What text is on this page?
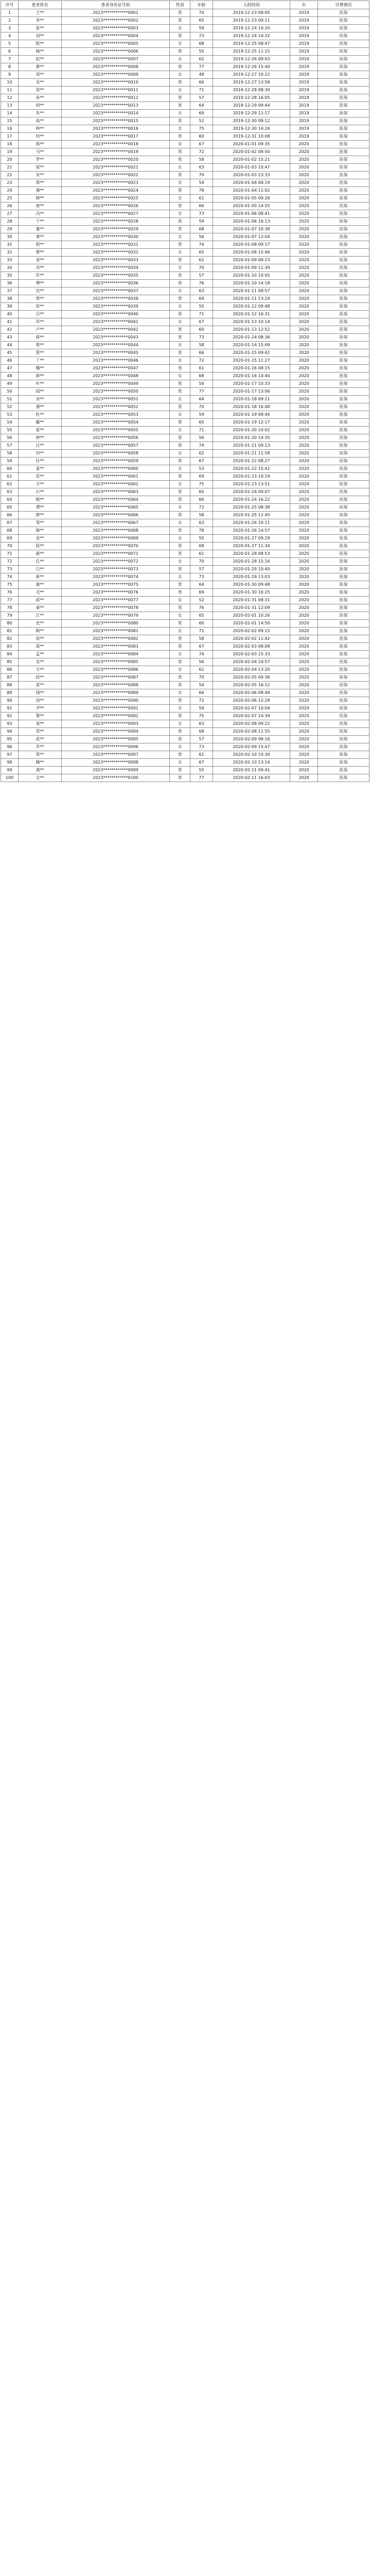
序号	患者姓名	患者身份证号码	性别	年龄	入院时间	年	付费情况
1	王**	2023************0001	男	70	2019-12-23 08:05	2019	医保
2	李**	2023************0002	男	65	2019-12-23 09:11	2019	医保
3	张**	2023************0003	女	59	2019-12-24 10:20	2019	医保
4	刘**	2023************0004	男	73	2019-12-24 14:32	2019	医保
5	陈**	2023************0005	女	68	2019-12-25 08:47	2019	医保
6	杨**	2023************0006	男	55	2019-12-25 11:15	2019	医保
7	赵**	2023************0007	女	62	2019-12-26 09:03	2019	医保
8	黄**	2023************0008	男	77	2019-12-26 15:40	2019	医保
9	周**	2023************0009	女	48	2019-12-27 10:22	2019	医保
10	吴**	2023************0010	男	66	2019-12-27 13:58	2019	医保
11	徐**	2023************0011	女	71	2019-12-28 08:30	2019	医保
12	孙**	2023************0012	男	57	2019-12-28 16:05	2019	医保
13	胡**	2023************0013	男	64	2019-12-29 09:44	2019	医保
14	朱**	2023************0014	女	69	2019-12-29 11:17	2019	医保
15	高**	2023************0015	男	52	2019-12-30 08:12	2019	医保
16	林**	2023************0016	女	75	2019-12-30 14:26	2019	医保
17	何**	2023************0017	男	60	2019-12-31 10:08	2019	医保
18	郭**	2023************0018	女	67	2020-01-01 09:35	2020	医保
19	马**	2023************0019	男	72	2020-01-02 08:50	2020	医保
20	罗**	2023************0020	男	58	2020-01-02 15:21	2020	医保
21	梁**	2023************0021	女	63	2020-01-03 10:47	2020	医保
22	宋**	2023************0022	男	70	2020-01-03 13:33	2020	医保
23	郑**	2023************0023	女	54	2020-01-04 08:19	2020	医保
24	谢**	2023************0024	男	78	2020-01-04 11:02	2020	医保
25	韩**	2023************0025	女	61	2020-01-05 09:26	2020	医保
26	唐**	2023************0026	男	66	2020-01-05 14:55	2020	医保
27	冯**	2023************0027	女	73	2020-01-06 08:41	2020	医保
28	于**	2023************0028	男	59	2020-01-06 16:13	2020	医保
29	董**	2023************0029	男	68	2020-01-07 10:38	2020	医保
30	萧**	2023************0030	女	56	2020-01-07 12:04	2020	医保
31	程**	2023************0031	男	74	2020-01-08 09:17	2020	医保
32	曹**	2023************0032	女	65	2020-01-08 15:46	2020	医保
33	袁**	2023************0033	男	62	2020-01-09 08:23	2020	医保
34	邓**	2023************0034	女	70	2020-01-09 11:39	2020	医保
35	许**	2023************0035	男	57	2020-01-10 10:05	2020	医保
36	傅**	2023************0036	男	76	2020-01-10 14:18	2020	医保
37	沈**	2023************0037	女	63	2020-01-11 08:57	2020	医保
38	曾**	2023************0038	男	69	2020-01-11 13:24	2020	医保
39	彭**	2023************0039	女	55	2020-01-12 09:48	2020	医保
40	吕**	2023************0040	男	71	2020-01-12 16:31	2020	医保
41	苏**	2023************0041	女	67	2020-01-13 10:14	2020	医保
42	卢**	2023************0042	男	60	2020-01-13 12:52	2020	医保
43	蒋**	2023************0043	男	73	2020-01-14 08:36	2020	医保
44	蔡**	2023************0044	女	58	2020-01-14 15:09	2020	医保
45	贾**	2023************0045	男	66	2020-01-15 09:42	2020	医保
46	丁**	2023************0046	女	72	2020-01-15 11:27	2020	医保
47	魏**	2023************0047	男	61	2020-01-16 08:15	2020	医保
48	薛**	2023************0048	女	68	2020-01-16 14:40	2020	医保
49	叶**	2023************0049	男	54	2020-01-17 10:33	2020	医保
50	阎**	2023************0050	男	77	2020-01-17 13:06	2020	医保
51	余**	2023************0051	女	64	2020-01-18 09:21	2020	医保
52	潘**	2023************0052	男	70	2020-01-18 16:48	2020	医保
53	杜**	2023************0053	女	59	2020-01-19 08:44	2020	医保
54	戴**	2023************0054	男	65	2020-01-19 12:17	2020	医保
55	夏**	2023************0055	女	71	2020-01-20 10:02	2020	医保
56	钟**	2023************0056	男	56	2020-01-20 14:35	2020	医保
57	汪**	2023************0057	男	74	2020-01-21 09:13	2020	医保
58	田**	2023************0058	女	62	2020-01-21 11:58	2020	医保
59	任**	2023************0059	男	67	2020-01-22 08:27	2020	医保
60	姜**	2023************0060	女	53	2020-01-22 15:42	2020	医保
61	范**	2023************0061	男	69	2020-01-23 10:19	2020	医保
62	方**	2023************0062	女	75	2020-01-23 13:51	2020	医保
63	石**	2023************0063	男	60	2020-01-24 09:07	2020	医保
64	姚**	2023************0064	男	66	2020-01-24 16:22	2020	医保
65	谭**	2023************0065	女	72	2020-01-25 08:38	2020	医保
66	廖**	2023************0066	男	58	2020-01-25 12:45	2020	医保
67	邹**	2023************0067	女	63	2020-01-26 10:11	2020	医保
68	熊**	2023************0068	男	78	2020-01-26 14:57	2020	医保
69	金**	2023************0069	女	55	2020-01-27 09:29	2020	医保
70	陆**	2023************0070	男	68	2020-01-27 11:34	2020	医保
71	郝**	2023************0071	男	61	2020-01-28 08:53	2020	医保
72	孔**	2023************0072	女	70	2020-01-28 15:16	2020	医保
73	白**	2023************0073	男	57	2020-01-29 10:40	2020	医保
74	崔**	2023************0074	女	73	2020-01-29 13:03	2020	医保
75	康**	2023************0075	男	64	2020-01-30 09:48	2020	医保
76	毛**	2023************0076	男	69	2020-01-30 16:25	2020	医保
77	邱**	2023************0077	女	52	2020-01-31 08:31	2020	医保
78	秦**	2023************0078	男	76	2020-01-31 12:09	2020	医保
79	江**	2023************0079	女	65	2020-02-01 10:26	2020	医保
80	史**	2023************0080	男	60	2020-02-01 14:50	2020	医保
81	顾**	2023************0081	女	71	2020-02-02 09:15	2020	医保
82	侯**	2023************0082	男	58	2020-02-02 11:42	2020	医保
83	邵**	2023************0083	男	67	2020-02-03 08:08	2020	医保
84	孟**	2023************0084	女	74	2020-02-03 15:33	2020	医保
85	龙**	2023************0085	男	56	2020-02-04 10:57	2020	医保
86	万**	2023************0086	女	62	2020-02-04 13:20	2020	医保
87	段**	2023************0087	男	70	2020-02-05 09:36	2020	医保
88	雷**	2023************0088	男	54	2020-02-05 16:12	2020	医保
89	钱**	2023************0089	女	66	2020-02-06 08:49	2020	医保
90	汤**	2023************0090	男	72	2020-02-06 12:28	2020	医保
91	尹**	2023************0091	女	59	2020-02-07 10:04	2020	医保
92	黎**	2023************0092	男	75	2020-02-07 14:39	2020	医保
93	易**	2023************0093	女	63	2020-02-08 09:22	2020	医保
94	常**	2023************0094	男	68	2020-02-08 11:55	2020	医保
95	武**	2023************0095	男	57	2020-02-09 08:16	2020	医保
96	乔**	2023************0096	女	73	2020-02-09 15:47	2020	医保
97	贺**	2023************0097	男	61	2020-02-10 10:30	2020	医保
98	赖**	2023************0098	女	67	2020-02-10 13:14	2020	医保
99	龚**	2023************0099	男	55	2020-02-11 09:41	2020	医保
100	文**	2023************0100	男	77	2020-02-11 16:03	2020	医保
